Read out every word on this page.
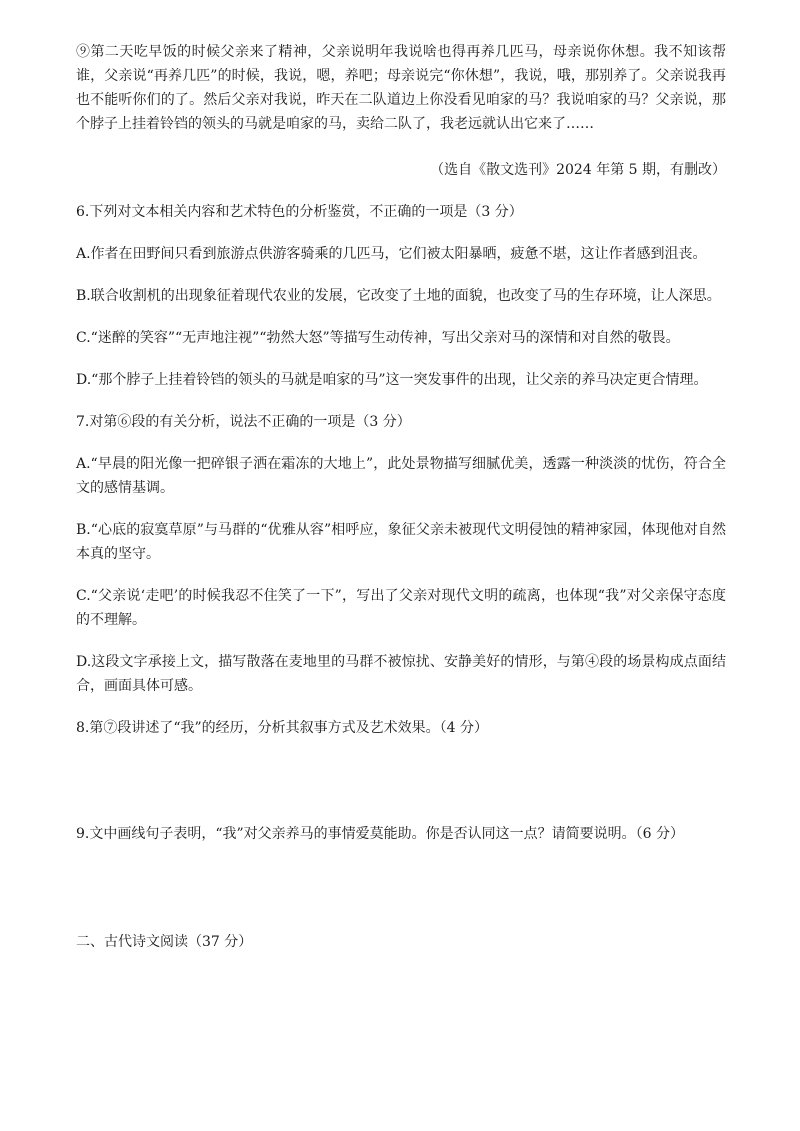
⑨第二天吃早饭的时候父亲来了精神，父亲说明年我说啥也得再养几匹马，母亲说你休想。我不知该帮谁，父亲说“再养几匹”的时候，我说，嗯，养吧；母亲说完“你休想”，我说，哦，那别养了。父亲说我再也不能听你们的了。然后父亲对我说，昨天在二队道边上你没看见咱家的马？我说咱家的马？父亲说，那个脖子上挂着铃铛的领头的马就是咱家的马，卖给二队了，我老远就认出它来了……

（选自《散文选刊》2024 年第 5 期，有删改）

6.下列对文本相关内容和艺术特色的分析鉴赏，不正确的一项是（3 分）

A.作者在田野间只看到旅游点供游客骑乘的几匹马，它们被太阳暴晒，疲惫不堪，这让作者感到沮丧。

B.联合收割机的出现象征着现代农业的发展，它改变了土地的面貌，也改变了马的生存环境，让人深思。

C.“迷醉的笑容”“无声地注视”“勃然大怒”等描写生动传神，写出父亲对马的深情和对自然的敬畏。

D.“那个脖子上挂着铃铛的领头的马就是咱家的马”这一突发事件的出现，让父亲的养马决定更合情理。

7.对第⑥段的有关分析，说法不正确的一项是（3 分）

A.“早晨的阳光像一把碎银子洒在霜冻的大地上”，此处景物描写细腻优美，透露一种淡淡的忧伤，符合全文的感情基调。

B.“心底的寂寞草原”与马群的“优雅从容”相呼应，象征父亲未被现代文明侵蚀的精神家园，体现他对自然本真的坚守。

C.“父亲说‘走吧’的时候我忍不住笑了一下”，写出了父亲对现代文明的疏离，也体现“我”对父亲保守态度的不理解。

D.这段文字承接上文，描写散落在麦地里的马群不被惊扰、安静美好的情形，与第④段的场景构成点面结合，画面具体可感。

8.第⑦段讲述了“我”的经历，分析其叙事方式及艺术效果。（4 分）

9.文中画线句子表明，“我”对父亲养马的事情爱莫能助。你是否认同这一点？请简要说明。（6 分）

二、古代诗文阅读（37 分）
